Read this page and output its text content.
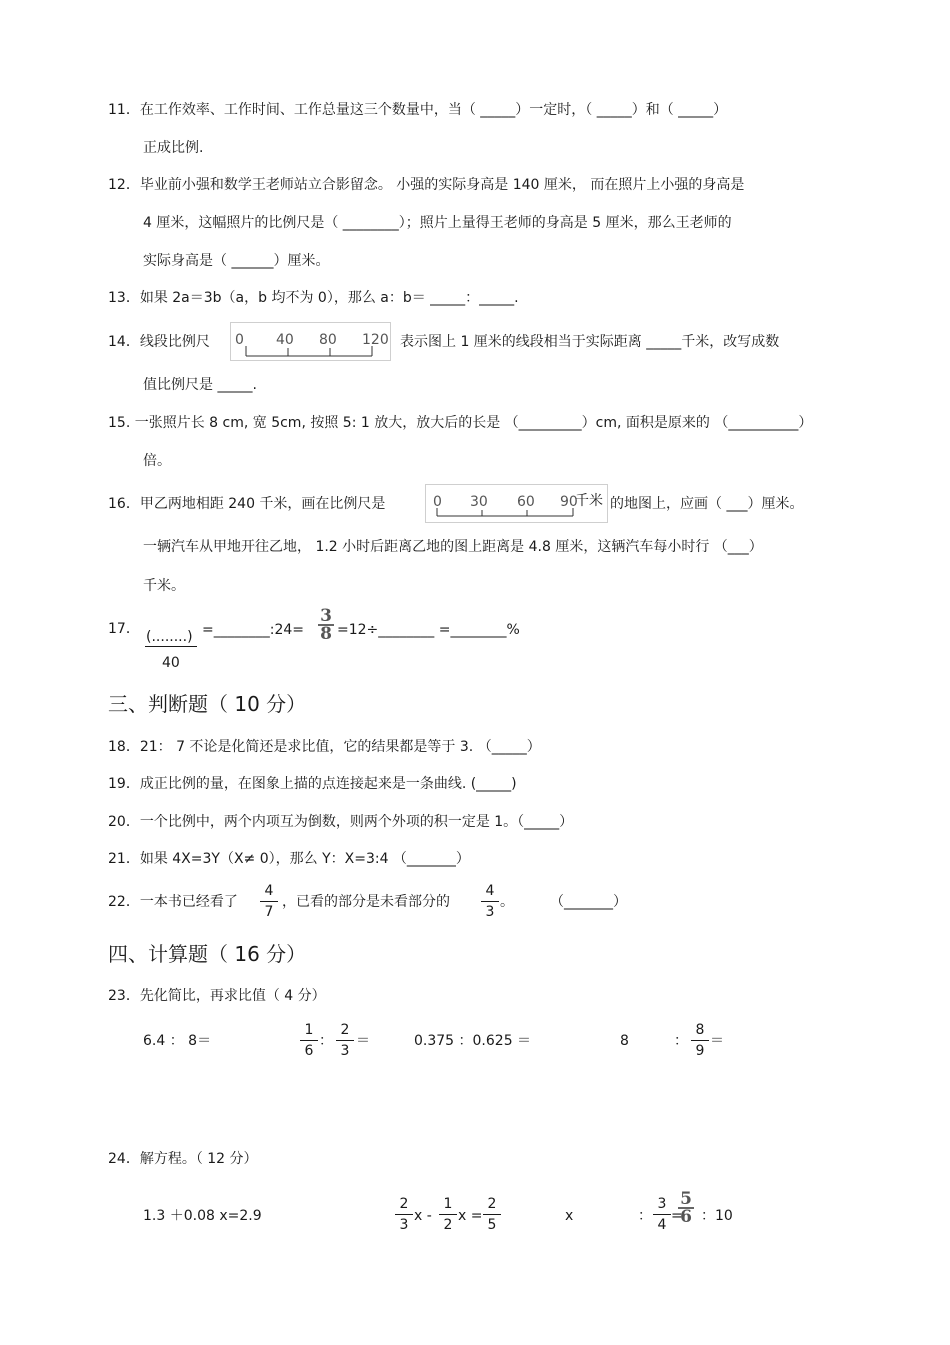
11．在工作效率、工作时间、工作总量这三个数量中，当（ _____）一定时，（ _____）和（ _____）
正成比例.
12．毕业前小强和数学王老师站立合影留念。 小强的实际身高是 140 厘米， 而在照片上小强的身高是
4 厘米，这幅照片的比例尺是（ ________）；照片上量得王老师的身高是 5 厘米，那么王老师的
实际身高是（ ______）厘米。
13．如果 2a＝3b（a，b 均不为 0），那么 a：b＝ _____：_____.
14．线段比例尺 0 40 80 120 表示图上 1 厘米的线段相当于实际距离 _____千米，改写成数
值比例尺是 _____.
15. 一张照片长 8 cm, 宽 5cm, 按照 5: 1 放大，放大后的长是 （_________）cm, 面积是原来的 （__________）
倍。
16．甲乙两地相距 240 千米，画在比例尺是	0 30 60 90
千米 的地图上，应画（ ___）厘米。
一辆汽车从甲地开往乙地， 1.2 小时后距离乙地的图上距离是 4.8 厘米，这辆汽车每小时行 （___）
千米。
17． (........)
40
=________:24=
3
8 =12÷________ =________%
三、判断题（ 10 分）
18．21： 7 不论是化简还是求比值，它的结果都是等于 3. （_____）
19．成正比例的量，在图象上描的点连接起来是一条曲线. (_____)
20．一个比例中，两个内项互为倒数，则两个外项的积一定是 1。（_____）
21．如果 4X=3Y（X≠ 0），那么 Y：X=3:4 （_______）
22．一本书已经看了
4
7
，已看的部分是未看部分的
4
3
。	（_______）
四、计算题（ 16 分）
23．先化简比，再求比值（ 4 分）
6.4 ： 8＝
1
6
：
2
3
＝	0.375 ：0.625 ＝	8	：
8
9
＝
24．解方程。（ 12 分）
1.3 ＋0.08 x=2.9
2
3
x -
1
2
x =
2
5
x	：
3
4
=
5
6 ：10
